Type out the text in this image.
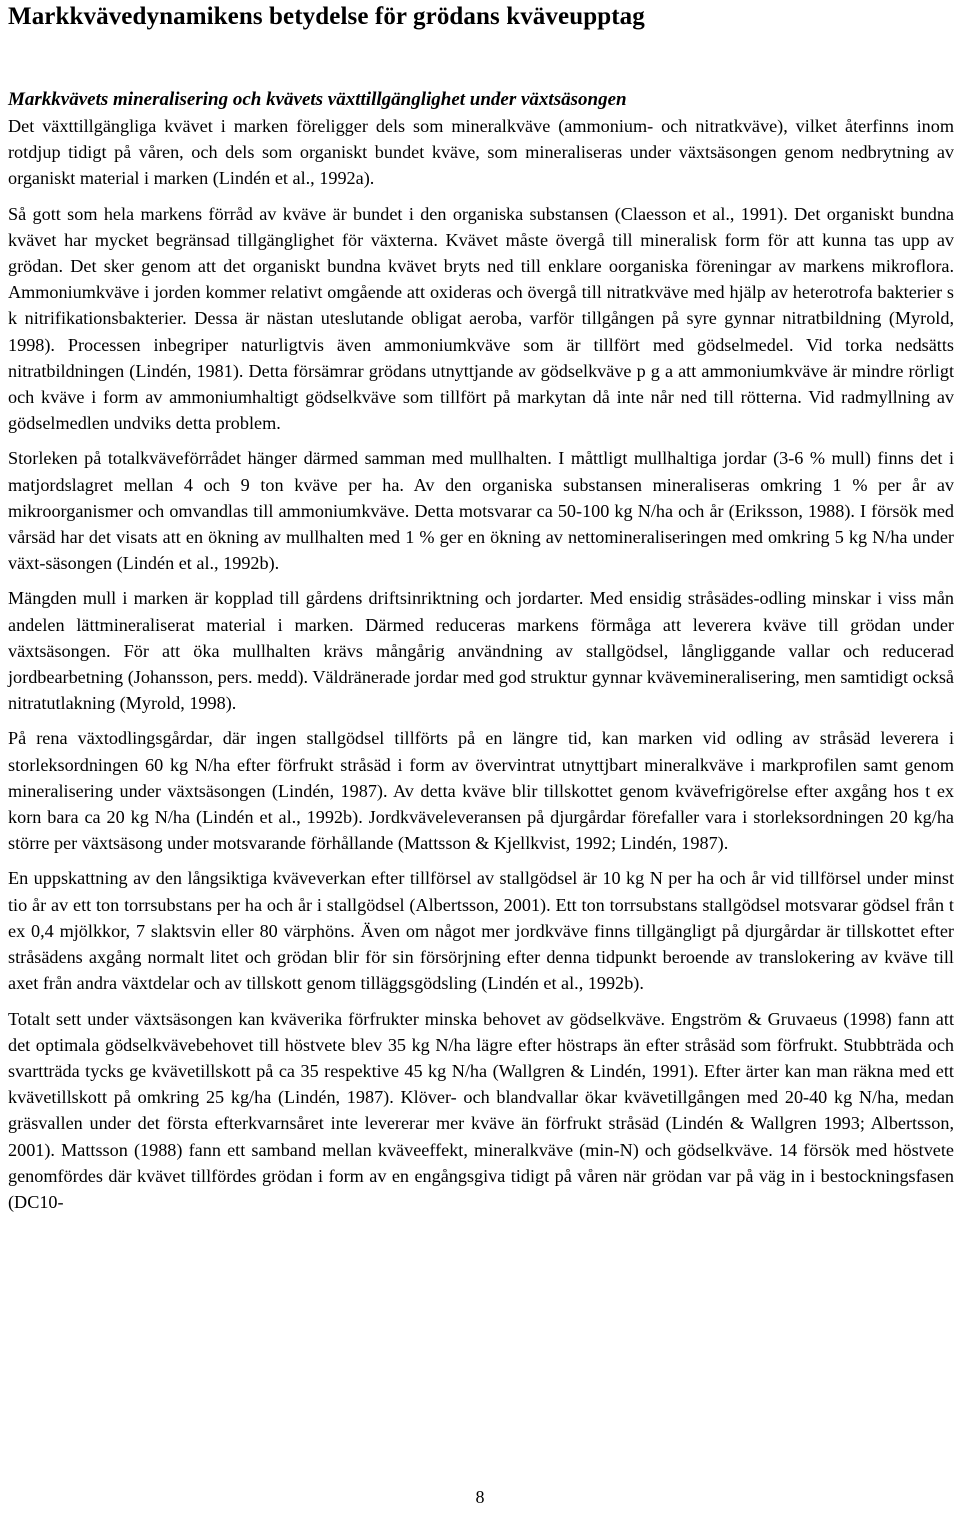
Markkvävedynamikens betydelse för grödans kväveupptag
Markkvävets mineralisering och kvävets växttillgänglighet under växtsäsongen

Det växttillgängliga kvävet i marken föreligger dels som mineralkväve (ammonium- och nitratkväve), vilket återfinns inom rotdjup tidigt på våren, och dels som organiskt bundet kväve, som mineraliseras under växtsäsongen genom nedbrytning av organiskt material i marken (Lindén et al., 1992a).

Så gott som hela markens förråd av kväve är bundet i den organiska substansen (Claesson et al., 1991). Det organiskt bundna kvävet har mycket begränsad tillgänglighet för växterna. Kvävet måste övergå till mineralisk form för att kunna tas upp av grödan. Det sker genom att det organiskt bundna kvävet bryts ned till enklare oorganiska föreningar av markens mikroflora. Ammoniumkväve i jorden kommer relativt omgående att oxideras och övergå till nitratkväve med hjälp av heterotrofa bakterier s k nitrifikationsbakterier. Dessa är nästan uteslutande obligat aeroba, varför tillgången på syre gynnar nitratbildning (Myrold, 1998). Processen inbegriper naturligtvis även ammoniumkväve som är tillfört med gödselmedel. Vid torka nedsätts nitratbildningen (Lindén, 1981). Detta försämrar grödans utnyttjande av gödselkväve p g a att ammoniumkväve är mindre rörligt och kväve i form av ammoniumhaltigt gödselkväve som tillfört på markytan då inte når ned till rötterna. Vid radmyllning av gödselmedlen undviks detta problem.

Storleken på totalkväveförrådet hänger därmed samman med mullhalten. I måttligt mullhaltiga jordar (3-6 % mull) finns det i matjordslagret mellan 4 och 9 ton kväve per ha. Av den organiska substansen mineraliseras omkring 1 % per år av mikroorganismer och omvandlas till ammoniumkväve. Detta motsvarar ca 50-100 kg N/ha och år (Eriksson, 1988). I försök med vårsäd har det visats att en ökning av mullhalten med 1 % ger en ökning av nettomineraliseringen med omkring 5 kg N/ha under växt-säsongen (Lindén et al., 1992b).

Mängden mull i marken är kopplad till gårdens driftsinriktning och jordarter. Med ensidig stråsädes-odling minskar i viss mån andelen lättmineraliserat material i marken. Därmed reduceras markens förmåga att leverera kväve till grödan under växtsäsongen. För att öka mullhalten krävs mångårig användning av stallgödsel, långliggande vallar och reducerad jordbearbetning (Johansson, pers. medd). Väldränerade jordar med god struktur gynnar kvävemineralisering, men samtidigt också nitratutlakning (Myrold, 1998).

På rena växtodlingsgårdar, där ingen stallgödsel tillförts på en längre tid, kan marken vid odling av stråsäd leverera i storleksordningen 60 kg N/ha efter förfrukt stråsäd i form av övervintrat utnyttjbart mineralkväve i markprofilen samt genom mineralisering under växtsäsongen (Lindén, 1987). Av detta kväve blir tillskottet genom kvävefrigörelse efter axgång hos t ex korn bara ca 20 kg N/ha (Lindén et al., 1992b). Jordkväveleveransen på djurgårdar förefaller vara i storleksordningen 20 kg/ha större per växtsäsong under motsvarande förhållande (Mattsson & Kjellkvist, 1992; Lindén, 1987).

En uppskattning av den långsiktiga kväveverkan efter tillförsel av stallgödsel är 10 kg N per ha och år vid tillförsel under minst tio år av ett ton torrsubstans per ha och år i stallgödsel (Albertsson, 2001). Ett ton torrsubstans stallgödsel motsvarar gödsel från t ex 0,4 mjölkkor, 7 slaktsvin eller 80 värphöns. Även om något mer jordkväve finns tillgängligt på djurgårdar är tillskottet efter stråsädens axgång normalt litet och grödan blir för sin försörjning efter denna tidpunkt beroende av translokering av kväve till axet från andra växtdelar och av tillskott genom tilläggsgödsling (Lindén et al., 1992b).

Totalt sett under växtsäsongen kan kväverika förfrukter minska behovet av gödselkväve. Engström & Gruvaeus (1998) fann att det optimala gödselkvävebehovet till höstvete blev 35 kg N/ha lägre efter höstraps än efter stråsäd som förfrukt. Stubbträda och svartträda tycks ge kvävetillskott på ca 35 respektive 45 kg N/ha (Wallgren & Lindén, 1991). Efter ärter kan man räkna med ett kvävetillskott på omkring 25 kg/ha (Lindén, 1987). Klöver- och blandvallar ökar kvävetillgången med 20-40 kg N/ha, medan gräsvallen under det första efterkvarnsåret inte levererar mer kväve än förfrukt stråsäd (Lindén & Wallgren 1993; Albertsson, 2001). Mattsson (1988) fann ett samband mellan kväveeffekt, mineralkväve (min-N) och gödselkväve. 14 försök med höstvete genomfördes där kvävet tillfördes grödan i form av en engångsgiva tidigt på våren när grödan var på väg in i bestockningsfasen (DC10-

8
